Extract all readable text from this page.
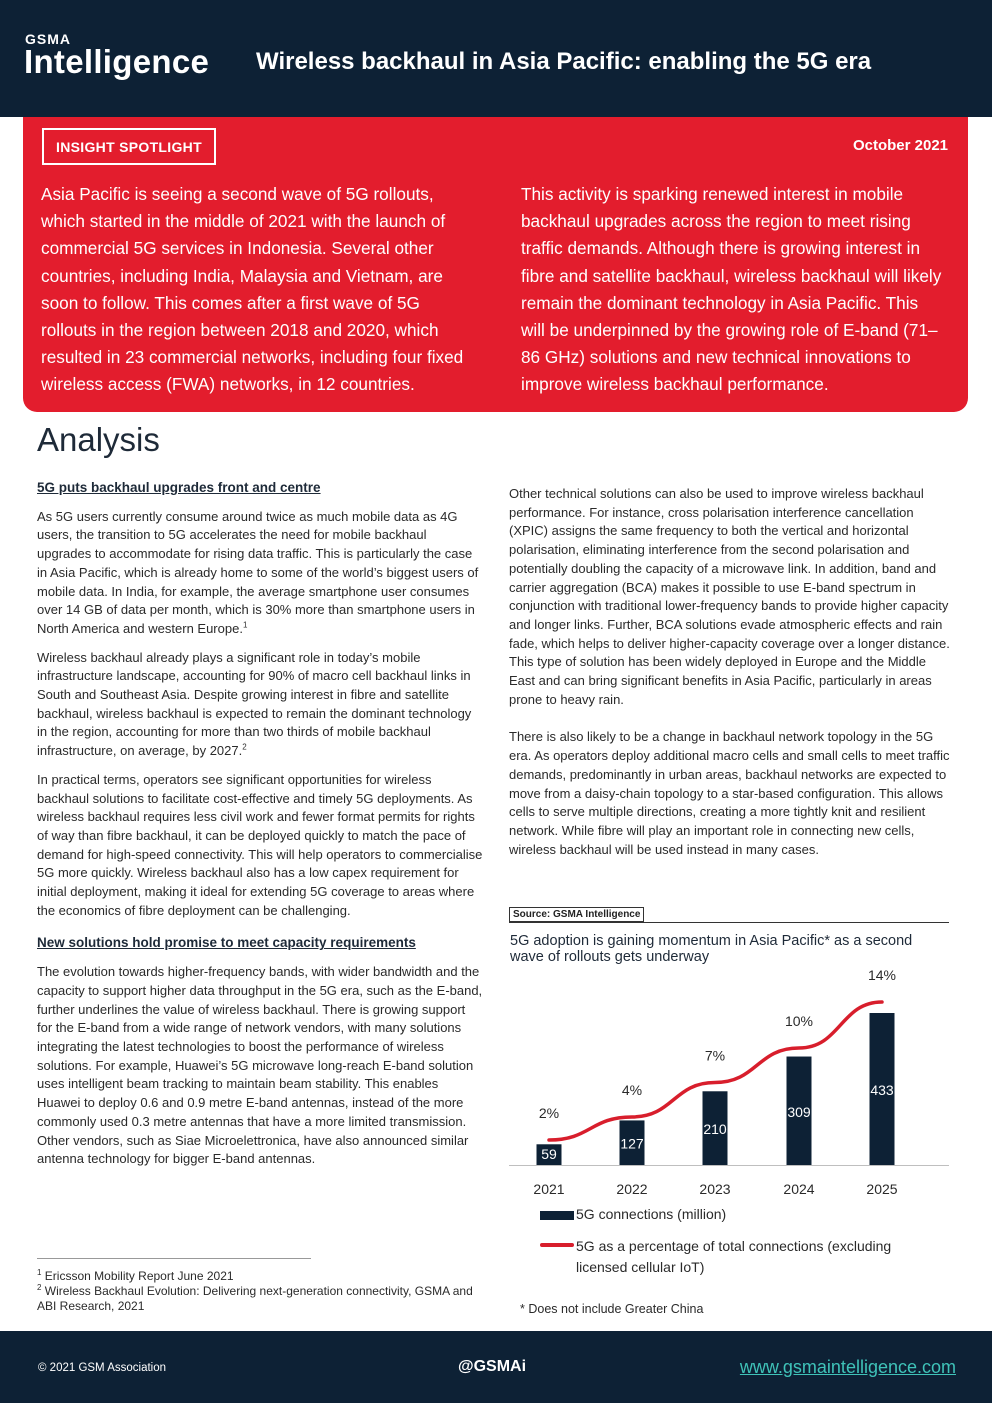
GSMA
Intelligence Wireless backhaul in Asia Pacific: enabling the 5G era
INSIGHT SPOTLIGHT	October 2021
Asia Pacific is seeing a second wave of 5G rollouts, which started in the middle of 2021 with the launch of commercial 5G services in Indonesia. Several other countries, including India, Malaysia and Vietnam, are soon to follow. This comes after a first wave of 5G rollouts in the region between 2018 and 2020, which resulted in 23 commercial networks, including four fixed wireless access (FWA) networks, in 12 countries.
This activity is sparking renewed interest in mobile backhaul upgrades across the region to meet rising traffic demands. Although there is growing interest in fibre and satellite backhaul, wireless backhaul will likely remain the dominant technology in Asia Pacific. This will be underpinned by the growing role of E-band (71–86 GHz) solutions and new technical innovations to improve wireless backhaul performance.
Analysis
5G puts backhaul upgrades front and centre

As 5G users currently consume around twice as much mobile data as 4G users, the transition to 5G accelerates the need for mobile backhaul upgrades to accommodate for rising data traffic. This is particularly the case in Asia Pacific, which is already home to some of the world’s biggest users of mobile data. In India, for example, the average smartphone user consumes over 14 GB of data per month, which is 30% more than smartphone users in North America and western Europe.$^1$

Wireless backhaul already plays a significant role in today’s mobile infrastructure landscape, accounting for 90% of macro cell backhaul links in South and Southeast Asia. Despite growing interest in fibre and satellite backhaul, wireless backhaul is expected to remain the dominant technology in the region, accounting for more than two thirds of mobile backhaul infrastructure, on average, by 2027.$^2$

In practical terms, operators see significant opportunities for wireless backhaul solutions to facilitate cost-effective and timely 5G deployments. As wireless backhaul requires less civil work and fewer format permits for rights of way than fibre backhaul, it can be deployed quickly to match the pace of demand for high-speed connectivity. This will help operators to commercialise 5G more quickly. Wireless backhaul also has a low capex requirement for initial deployment, making it ideal for extending 5G coverage to areas where the economics of fibre deployment can be challenging.

New solutions hold promise to meet capacity requirements

The evolution towards higher-frequency bands, with wider bandwidth and the capacity to support higher data throughput in the 5G era, such as the E-band, further underlines the value of wireless backhaul. There is growing support for the E-band from a wide range of network vendors, with many solutions integrating the latest technologies to boost the performance of wireless solutions. For example, Huawei’s 5G microwave long-reach E-band solution uses intelligent beam tracking to maintain beam stability. This enables Huawei to deploy 0.6 and 0.9 metre E-band antennas, instead of the more commonly used 0.3 metre antennas that have a more limited transmission. Other vendors, such as Siae Microelettronica, have also announced similar antenna technology for bigger E-band antennas.

Other technical solutions can also be used to improve wireless backhaul performance. For instance, cross polarisation interference cancellation (XPIC) assigns the same frequency to both the vertical and horizontal polarisation, eliminating interference from the second polarisation and potentially doubling the capacity of a microwave link. In addition, band and carrier aggregation (BCA) makes it possible to use E-band spectrum in conjunction with traditional lower-frequency bands to provide higher capacity and longer links. Further, BCA solutions evade atmospheric effects and rain fade, which helps to deliver higher-capacity coverage over a longer distance. This type of solution has been widely deployed in Europe and the Middle East and can bring significant benefits in Asia Pacific, particularly in areas prone to heavy rain.

There is also likely to be a change in backhaul network topology in the 5G era. As operators deploy additional macro cells and small cells to meet traffic demands, predominantly in urban areas, backhaul networks are expected to move from a daisy-chain topology to a star-based configuration. This allows cells to serve multiple directions, creating a more tightly knit and resilient network. While fibre will play an important role in connecting new cells, wireless backhaul will be used instead in many cases.

$^1$ Ericsson Mobility Report June 2021
$^2$ Wireless Backhaul Evolution: Delivering next-generation connectivity, GSMA and ABI Research, 2021
Source: GSMA Intelligence
5G adoption is gaining momentum in Asia Pacific* as a second wave of rollouts gets underway
59
2021
127
2022
210
2023
309
2024
433
2025
2%
4%
7%
10%
14%
5G connections (million)
5G as a percentage of total connections (excluding licensed cellular IoT)
* Does not include Greater China
© 2021 GSM Association	@GSMAi	www.gsmaintelligence.com
